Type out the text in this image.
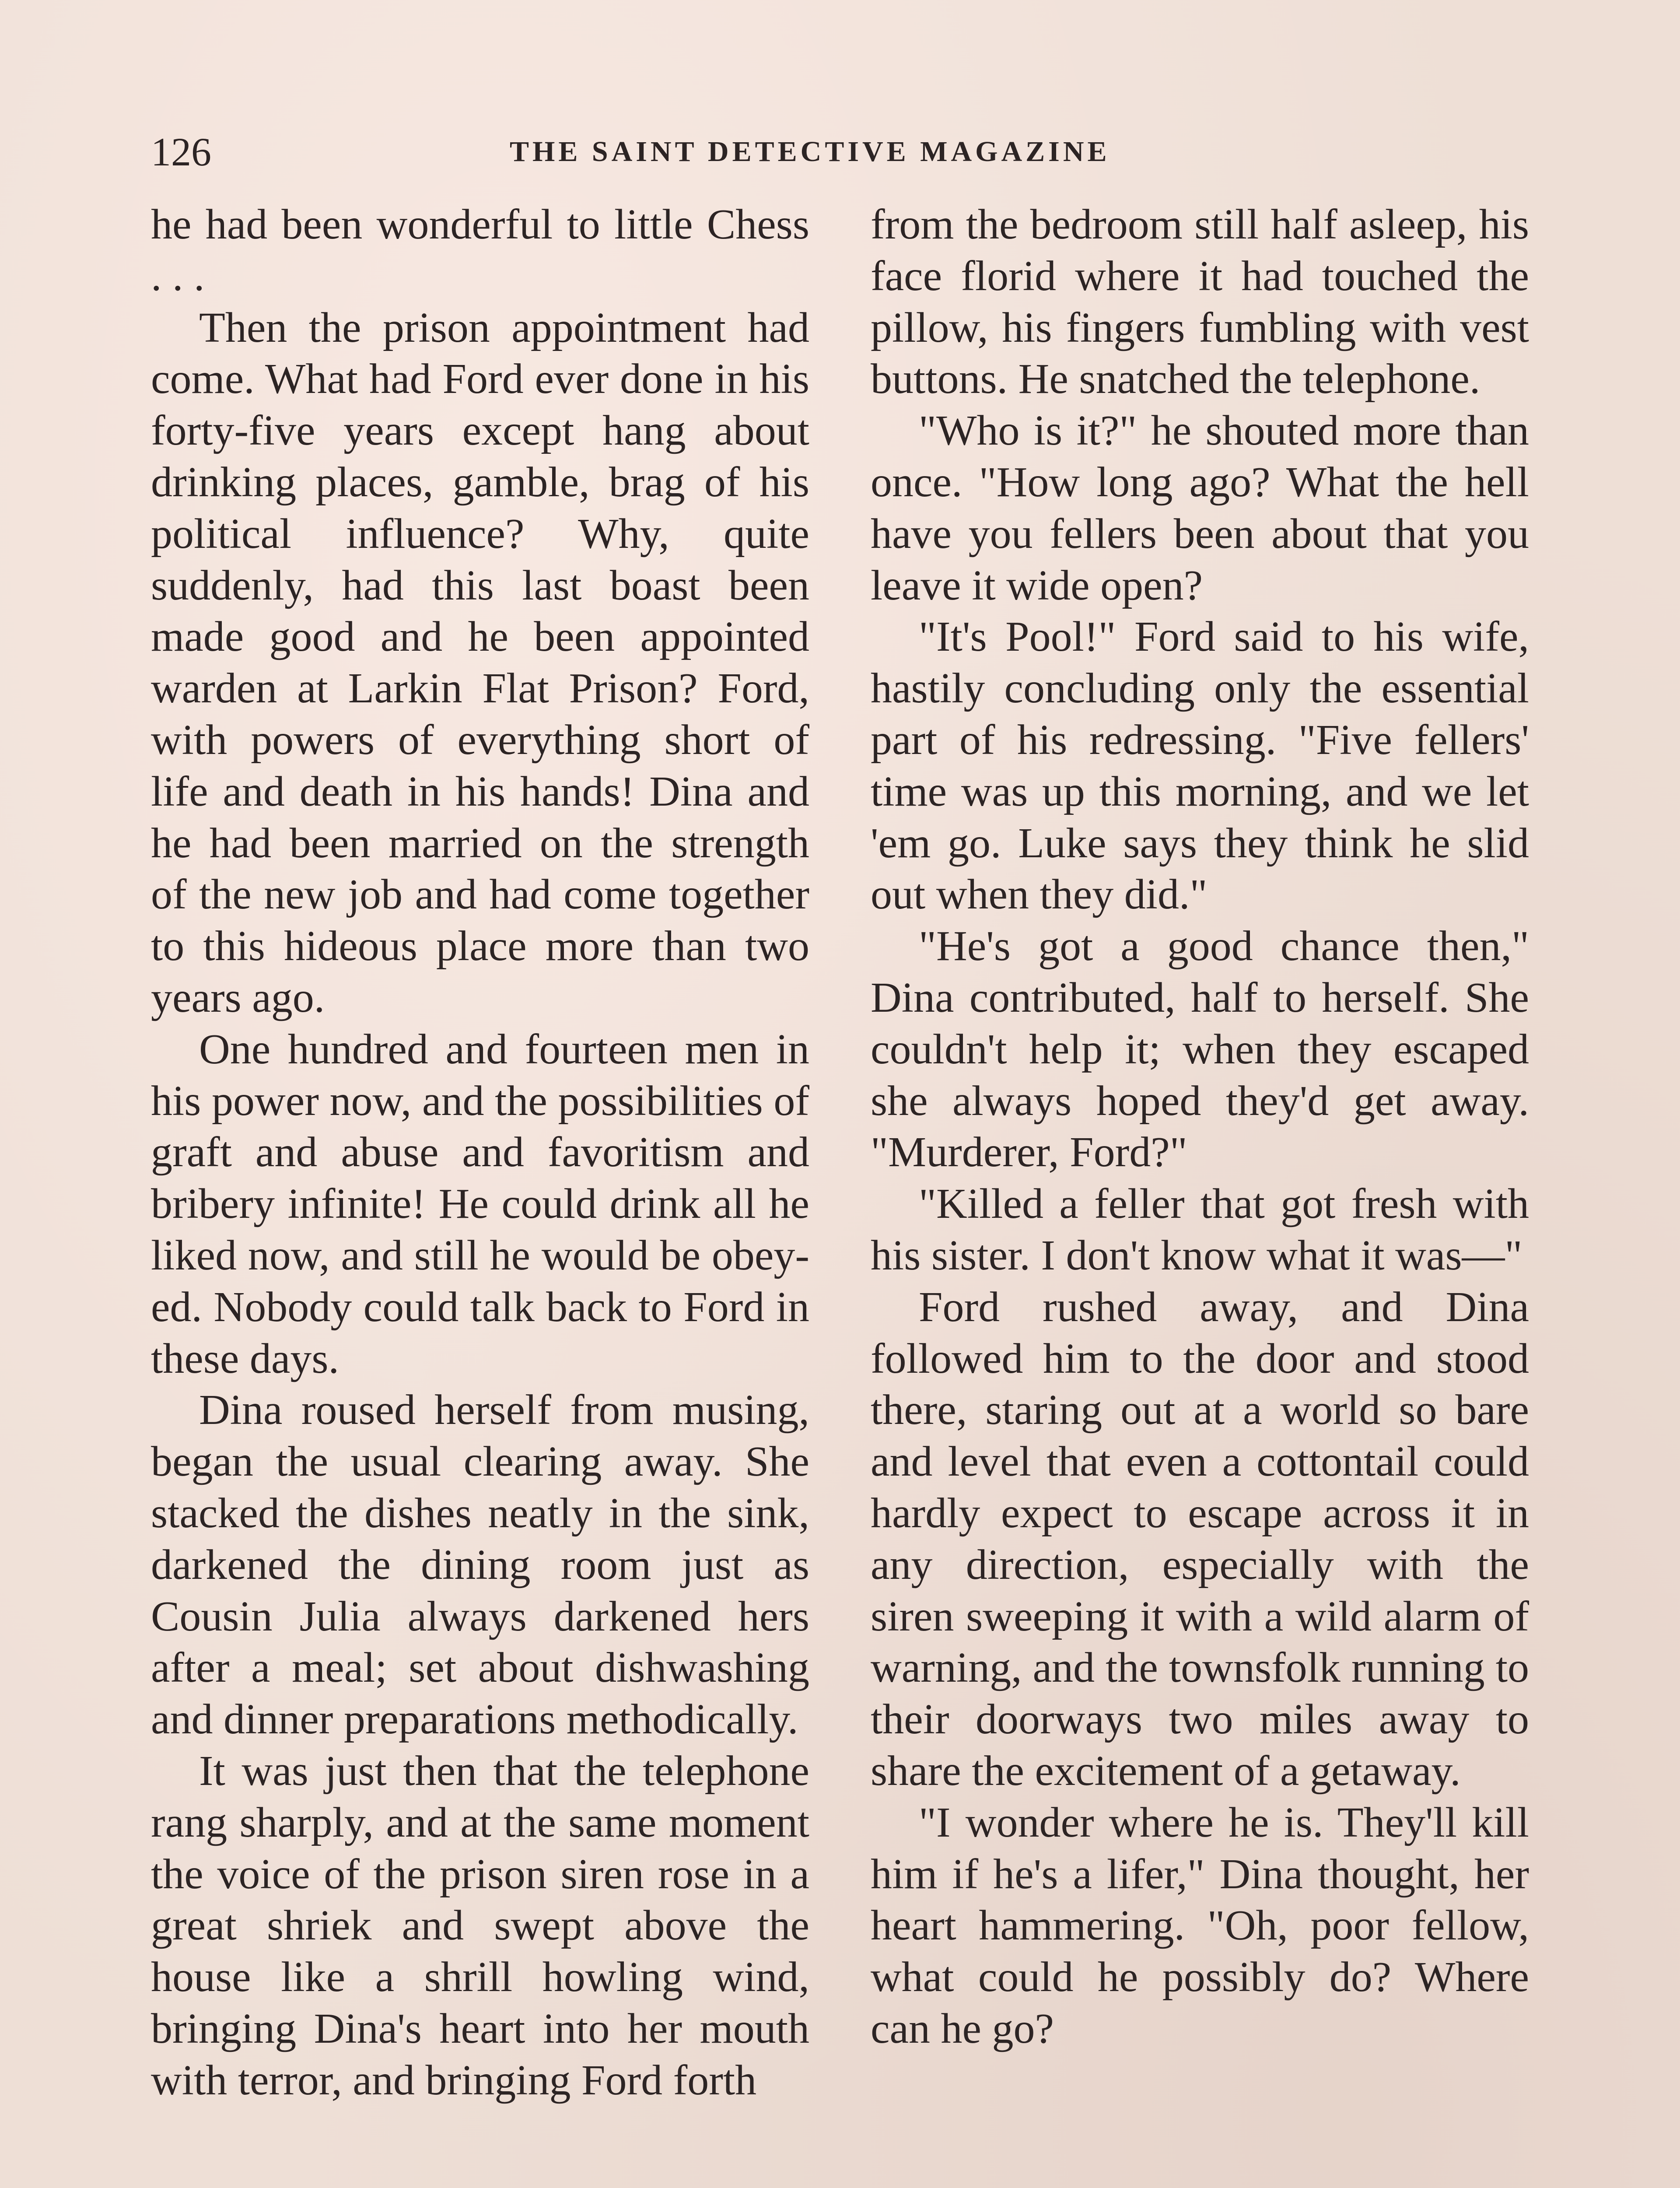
126	THE SAINT DETECTIVE MAGAZINE

he had been wonderful to little Chess . . .

Then the prison appointment had come. What had Ford ever done in his forty-five years except hang about drinking places, gamble, brag of his political influence? Why, quite suddenly, had this last boast been made good and he been appointed warden at Larkin Flat Prison? Ford, with powers of everything short of life and death in his hands! Dina and he had been married on the strength of the new job and had come together to this hideous place more than two years ago.

One hundred and fourteen men in his power now, and the possibilities of graft and abuse and favoritism and bribery infinite! He could drink all he liked now, and still he would be obeyed. Nobody could talk back to Ford in these days.

Dina roused herself from musing, began the usual clearing away. She stacked the dishes neatly in the sink, darkened the dining room just as Cousin Julia always darkened hers after a meal; set about dishwashing and dinner preparations methodically.

It was just then that the telephone rang sharply, and at the same moment the voice of the prison siren rose in a great shriek and swept above the house like a shrill howling wind, bringing Dina's heart into her mouth with terror, and bringing Ford forth

from the bedroom still half asleep, his face florid where it had touched the pillow, his fingers fumbling with vest buttons. He snatched the telephone.

"Who is it?" he shouted more than once. "How long ago? What the hell have you fellers been about that you leave it wide open?

"It's Pool!" Ford said to his wife, hastily concluding only the essential part of his redressing. "Five fellers' time was up this morning, and we let 'em go. Luke says they think he slid out when they did."

"He's got a good chance then," Dina contributed, half to herself. She couldn't help it; when they escaped she always hoped they'd get away. "Murderer, Ford?"

"Killed a feller that got fresh with his sister. I don't know what it was—"

Ford rushed away, and Dina followed him to the door and stood there, staring out at a world so bare and level that even a cottontail could hardly expect to escape across it in any direction, especially with the siren sweeping it with a wild alarm of warning, and the townsfolk running to their doorways two miles away to share the excitement of a getaway.

"I wonder where he is. They'll kill him if he's a lifer," Dina thought, her heart hammering. "Oh, poor fellow, what could he possibly do? Where can he go?
